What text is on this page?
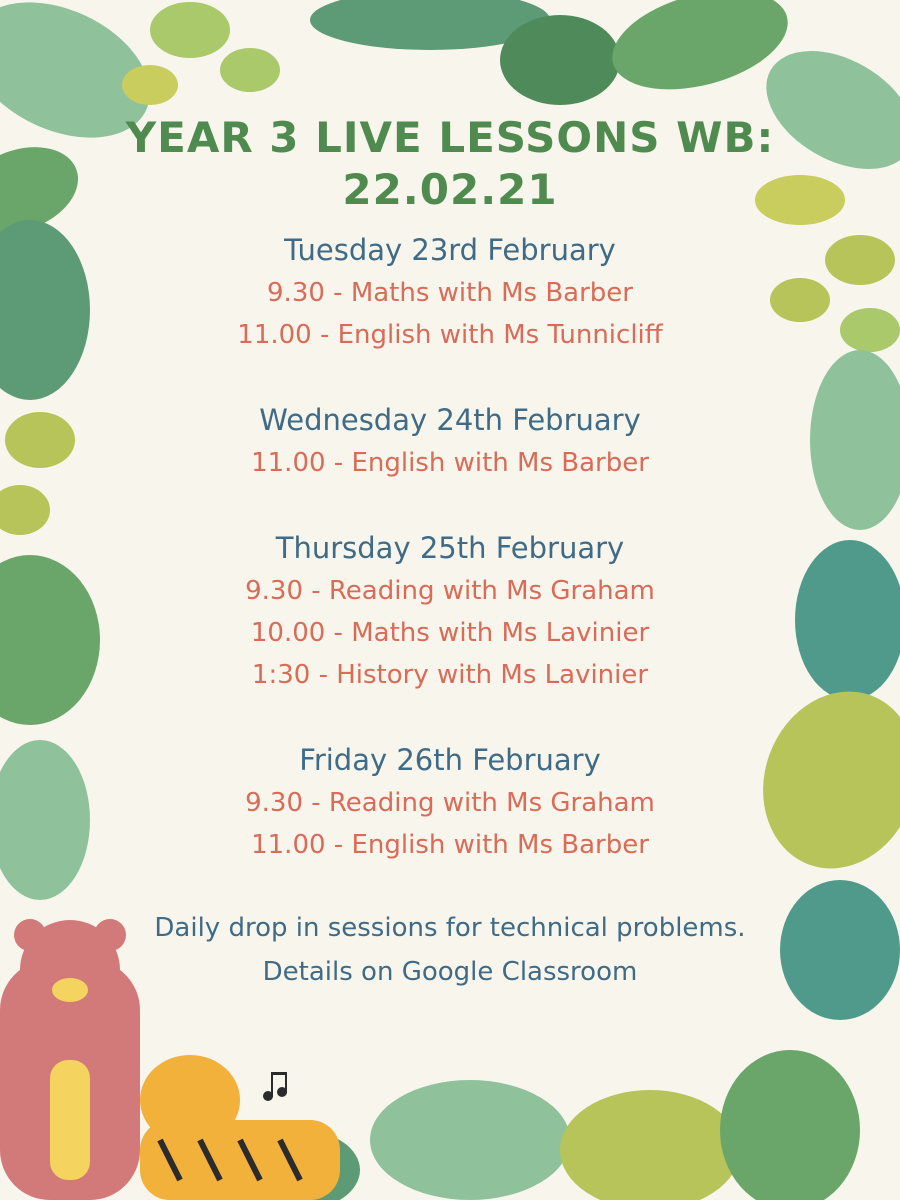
YEAR 3 LIVE LESSONS WB:
22.02.21
Tuesday 23rd February
9.30 - Maths with Ms Barber
11.00 - English with Ms Tunnicliff
Wednesday 24th February
11.00 - English with Ms Barber
Thursday 25th February
9.30 - Reading with Ms Graham
10.00 - Maths with Ms Lavinier
1:30 - History with Ms Lavinier
Friday 26th February
9.30 - Reading with Ms Graham
11.00 - English with Ms Barber
Daily drop in sessions for technical problems.
Details on Google Classroom
